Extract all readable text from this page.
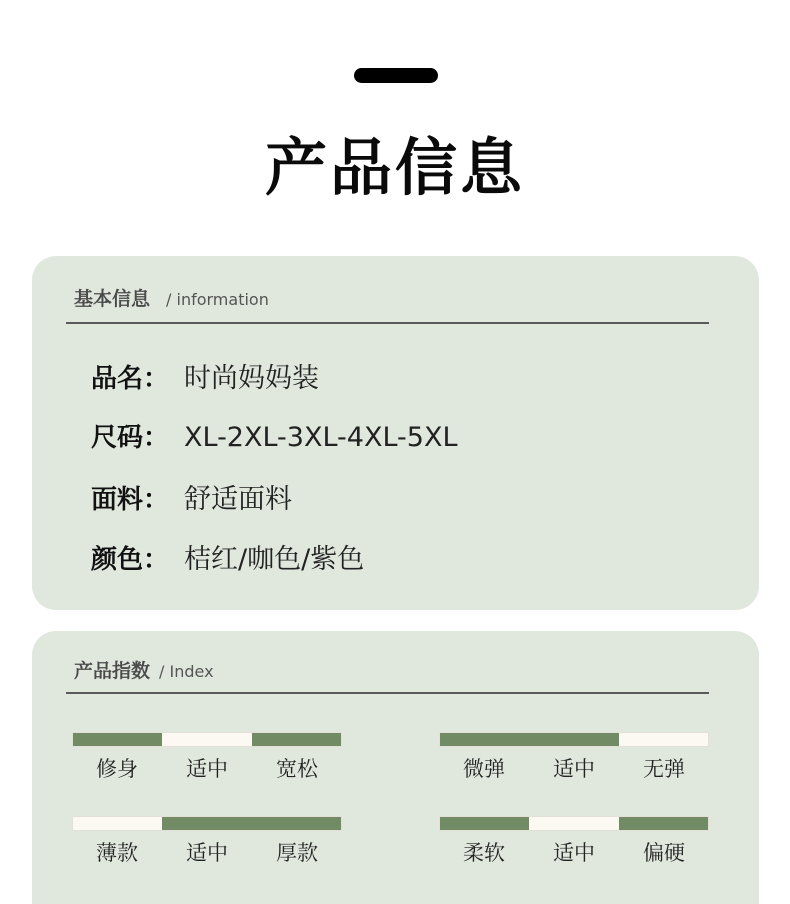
产品信息
基本信息 / information
品名： 时尚妈妈装
尺码： XL-2XL-3XL-4XL-5XL
面料： 舒适面料
颜色： 桔红/咖色/紫色
产品指数 / Index
修身	适中	宽松	微弹	适中	无弹
薄款	适中	厚款	柔软	适中	偏硬
